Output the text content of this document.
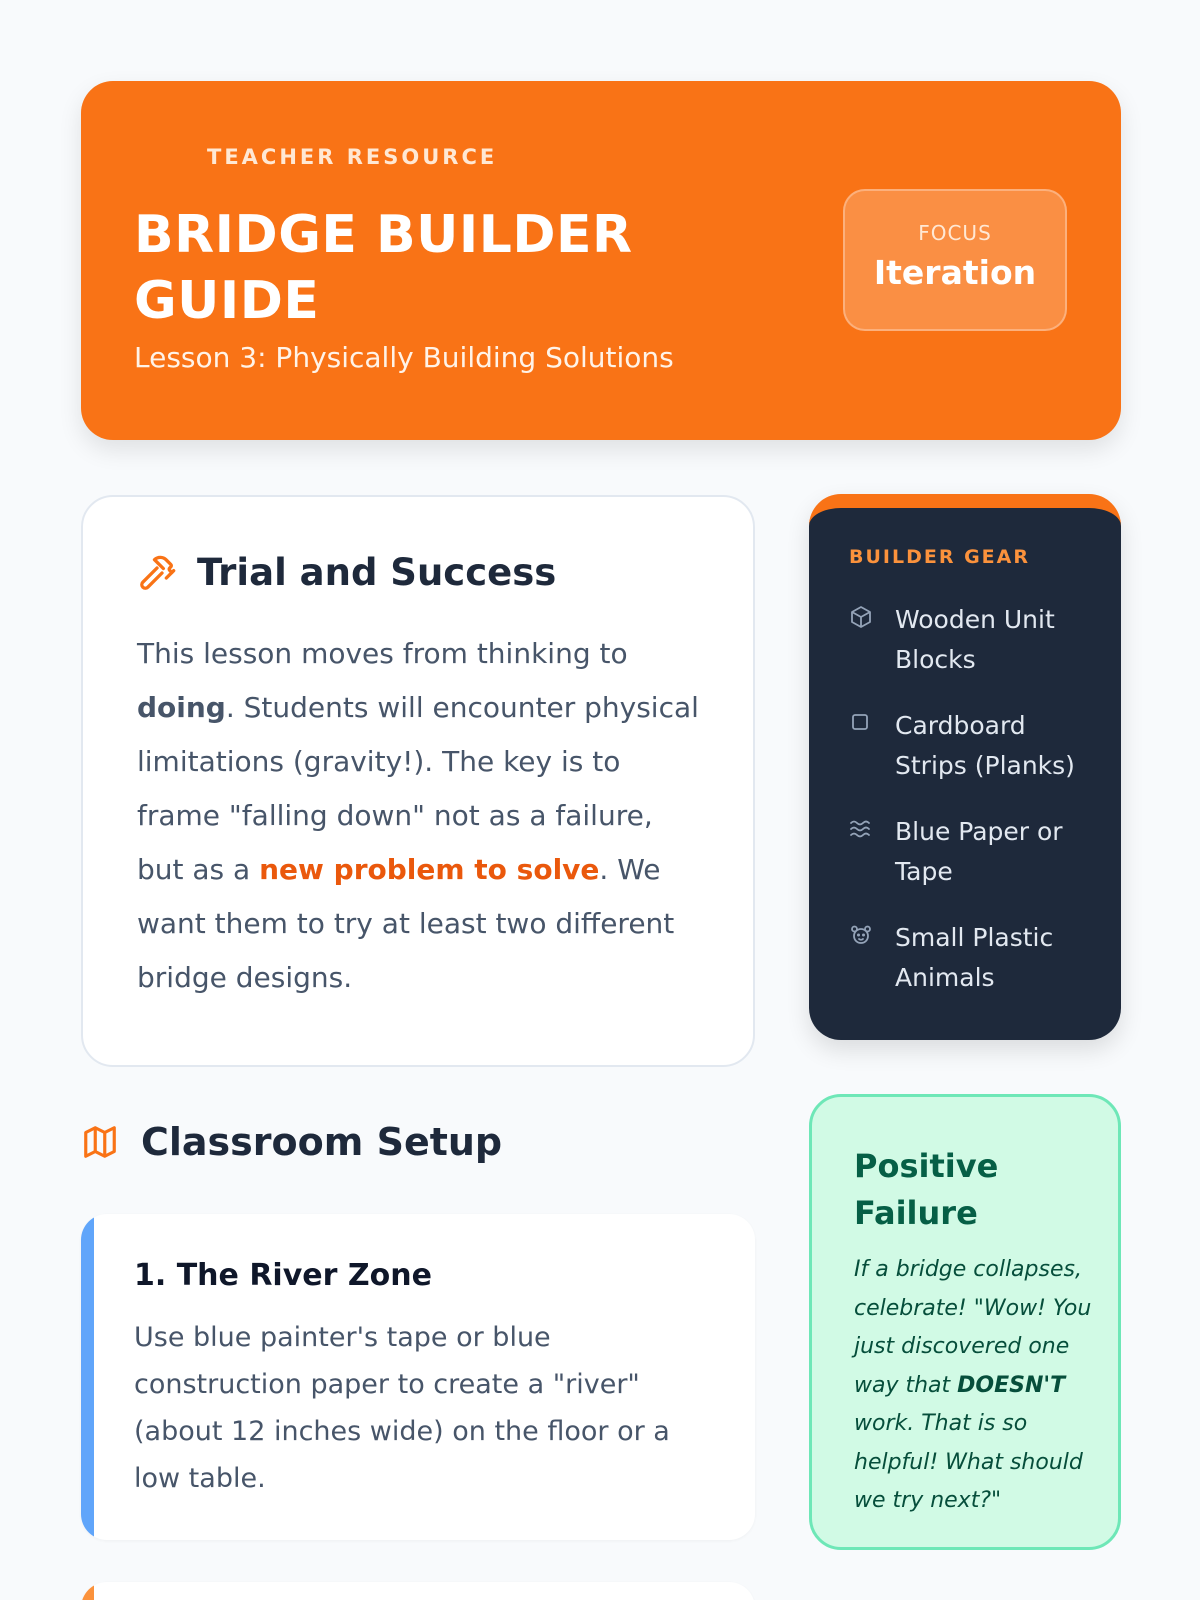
TEACHER RESOURCE
BRIDGE BUILDER GUIDE
Lesson 3: Physically Building Solutions
FOCUS
Iteration
Trial and Success

This lesson moves from thinking to doing. Students will encounter physical limitations (gravity!). The key is to frame "falling down" not as a failure, but as a new problem to solve. We want them to try at least two different bridge designs.

BUILDER GEAR
Wooden Unit Blocks
Cardboard Strips (Planks)
Blue Paper or Tape
Small Plastic Animals
Classroom Setup
1. The River Zone

Use blue painter's tape or blue construction paper to create a "river" (about 12 inches wide) on the floor or a low table.

Positive Failure

If a bridge collapses, celebrate! "Wow! You just discovered one way that DOESN'T work. That is so helpful! What should we try next?"
